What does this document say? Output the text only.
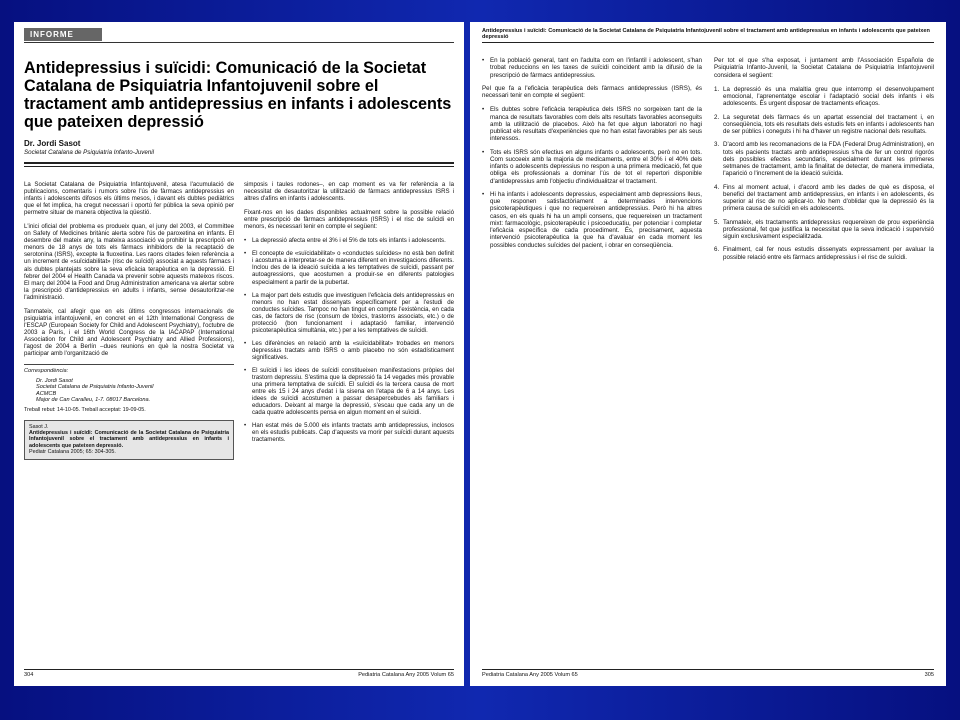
INFORME
Antidepressius i suïcidi: Comunicació de la Societat Catalana de Psiquiatria Infantojuvenil sobre el tractament amb antidepressius en infants i adolescents que pateixen depressió

Dr. Jordi Sasot

Societat Catalana de Psiquiatria Infanto-Juvenil

La Societat Catalana de Psiquiatria Infantojuvenil, atesa l'acumulació de publicacions, comentaris i rumors sobre l'ús de fàrmacs antidepressius en infants i adolescents difosos els últims mesos, i davant els dubtes pediàtrics que el fet implica, ha cregut necessari i oportú fer pública la seva opinió per permetre situar de manera objectiva la qüestió.

L'inici oficial del problema es produeix quan, el juny del 2003, el Committee on Safety of Medicines britànic alerta sobre l'ús de paroxetina en infants. El desembre del mateix any, la mateixa associació va prohibir la prescripció en menors de 18 anys de tots els fàrmacs inhibidors de la recaptació de serotonina (ISRS), excepte la fluoxetina. Les raons citades feien referència a un increment de «suïcidabilitat» (risc de suïcidi) associat a aquests fàrmacs i als dubtes plantejats sobre la seva eficàcia terapèutica en la depressió. El febrer del 2004 el Health Canada va prevenir sobre aquests mateixos riscos. El març del 2004 la Food and Drug Administration americana va alertar sobre la prescripció d'antidepressius en adults i infants, sense desautoritzar-ne l'administració.

Tanmateix, cal afegir que en els últims congressos internacionals de psiquiatria infantojuvenil, en concret en el 12th International Congress de l'ESCAP (European Society for Child and Adolescent Psychiatry), l'octubre de 2003 a París, i el 16th World Congress de la IACAPAP (International Association for Child and Adolescent Psychiatry and Allied Professions), l'agost de 2004 a Berlín –dues reunions en què la nostra Societat va participar amb l'organització de

Correspondència:
Dr. Jordi Sasot
Societat Catalana de Psiquiatria Infanto-Juvenil
ACMCB
Major de Can Caralleu, 1-7. 08017 Barcelona.
Treball rebut: 14-10-05. Treball acceptat: 19-09-05.
Sasot J.
Antidepressius i suïcidi: Comunicació de la Societat Catalana de Psiquiatria Infantojuvenil sobre el tractament amb antidepressius en infants i adolescents que pateixen depressió.
Pediatr Catalana 2005; 65: 304-305.

simposis i taules rodones–, en cap moment es va fer referència a la necessitat de desautoritzar la utilització de fàrmacs antidepressius ISRS i altres d'afins en infants i adolescents.

Fixant-nos en les dades disponibles actualment sobre la possible relació entre prescripció de fàrmacs antidepressius (ISRS) i el risc de suïcidi en menors, és necessari tenir en compte el següent:

• La depressió afecta entre el 3% i el 5% de tots els infants i adolescents.
• El concepte de «suïcidabilitat» o «conductes suïcides» no està ben definit i acostuma a interpretar-se de manera diferent en investigacions diferents. Inclou des de la ideació suïcida a les temptatives de suïcidi, passant per autoagressions, que acostumen a produir-se en diferents patologies especialment a partir de la pubertat.
• La major part dels estudis que investiguen l'eficàcia dels antidepressius en menors no han estat dissenyats específicament per a l'estudi de conductes suïcides. Tampoc no han tingut en compte l'existència, en cada cas, de factors de risc (consum de tòxics, trastorns associats, etc.) o de protecció (bon funcionament i adaptació familiar, intervenció psicoterapèutica simultània, etc.) per a les temptatives de suïcidi.
• Les diferències en relació amb la «suïcidabilitat» trobades en menors depressius tractats amb ISRS o amb placebo no són estadísticament significatives.
• El suïcidi i les idees de suïcidi constitueixen manifestacions pròpies del trastorn depressiu. S'estima que la depressió fa 14 vegades més provable una primera temptativa de suïcidi. El suïcidi és la tercera causa de mort entre els 15 i 24 anys d'edat i la sisena en l'etapa de 6 a 14 anys. Les idees de suïcidi acostumen a passar desapercebudes als familiars i educadors. Deixant al marge la depressió, s'escau que cada any un de cada quatre adolescents pensa en algun moment en el suïcidi.
• Han estat més de 5.000 els infants tractats amb antidepressius, inclosos en els estudis publicats. Cap d'aquests va morir per suïcidi durant aquests tractaments.
304	Pediatria Catalana Any 2005 Volum 65
Antidepressius i suïcidi: Comunicació de la Societat Catalana de Psiquiatria Infantojuvenil sobre el tractament amb antidepressius en infants i adolescents que pateixen depressió
• En la població general, tant en l'adulta com en l'infantil i adolescent, s'han trobat reduccions en les taxes de suïcidi coincident amb la difusió de la prescripció de fàrmacs antidepressius.

Pel que fa a l'eficàcia terapèutica dels fàrmacs antidepressius (ISRS), és necessari tenir en compte el següent:

• Els dubtes sobre l'eficàcia terapèutica dels ISRS no sorgeixen tant de la manca de resultats favorables com dels alts resultats favorables aconseguits amb la utilització de placebos. Això ha fet que algun laboratori no hagi publicat els resultats d'experiències que no han estat favorables per als seus interessos.
• Tots els ISRS són efectius en alguns infants o adolescents, però no en tots. Com succeeix amb la majoria de medicaments, entre el 30% i el 40% dels infants o adolescents depressius no respon a una primera medicació, fet que obliga els professionals a dominar l'ús de tot el repertori disponible d'antidepressius amb l'objectiu d'individualitzar el tractament.
• Hi ha infants i adolescents depressius, especialment amb depressions lleus, que responen satisfactòriament a determinades intervencions psicoterapèutiques i que no requereixen antidepressius. Però hi ha altres casos, en els quals hi ha un ampli consens, que requereixen un tractament mixt: farmacològic, psicoterapèutic i psicoeducatiu, per potenciar i completar l'eficàcia específica de cada procediment. És, precisament, aquesta intervenció psicoterapèutica la que ha d'avaluar en cada moment les possibles conductes suïcides del pacient, i obrar en conseqüència.

Per tot el que s'ha exposat, i juntament amb l'Associación Española de Psiquiatría Infanto-Juvenil, la Societat Catalana de Psiquiatria Infantojuvenil considera el següent:

1. La depressió és una malaltia greu que interromp el desenvolupament emocional, l'aprenentatge escolar i l'adaptació social dels infants i els adolescents. És urgent disposar de tractaments eficaços.
2. La seguretat dels fàrmacs és un apartat essencial del tractament i, en conseqüència, tots els resultats dels estudis fets en infants i adolescents han de ser públics i coneguts i hi ha d'haver un registre nacional dels resultats.
3. D'acord amb les recomanacions de la FDA (Federal Drug Administration), en tots els pacients tractats amb antidepressius s'ha de fer un control rigorós dels possibles efectes secundaris, especialment durant les primeres setmanes de tractament, amb la finalitat de detectar, de manera immediata, l'aparició o l'increment de la ideació suïcida.
4. Fins al moment actual, i d'acord amb les dades de què es disposa, el benefici del tractament amb antidepressius, en infants i en adolescents, és superior al risc de no aplicar-lo. No hem d'oblidar que la depressió és la primera causa de suïcidi en els adolescents.
5. Tanmateix, els tractaments antidepressius requereixen de prou experiència professional, fet que justifica la necessitat que la seva indicació i supervisió siguin exclusivament especialitzada.
6. Finalment, cal fer nous estudis dissenyats expressament per avaluar la possible relació entre els fàrmacs antidepressius i el risc de suïcidi.
Pediatria Catalana Any 2005 Volum 65	305
